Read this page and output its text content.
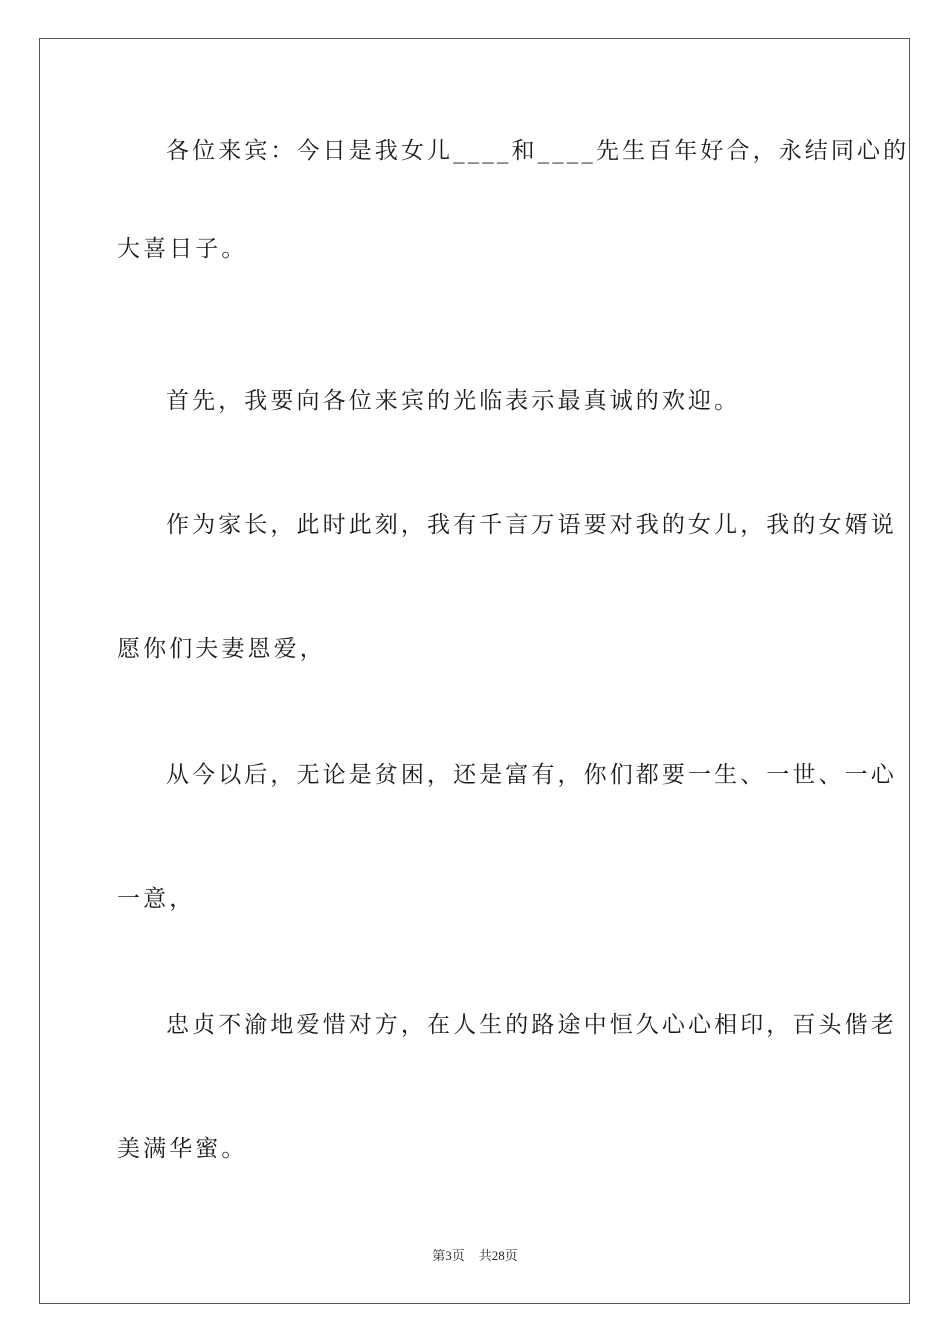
各位来宾：今日是我女儿____和____先生百年好合，永结同心的
大喜日子。
首先，我要向各位来宾的光临表示最真诚的欢迎。
作为家长，此时此刻，我有千言万语要对我的女儿，我的女婿说
愿你们夫妻恩爱，
从今以后，无论是贫困，还是富有，你们都要一生、一世、一心
一意，
忠贞不渝地爱惜对方，在人生的路途中恒久心心相印，百头偕老
美满华蜜。
第3页 共28页
